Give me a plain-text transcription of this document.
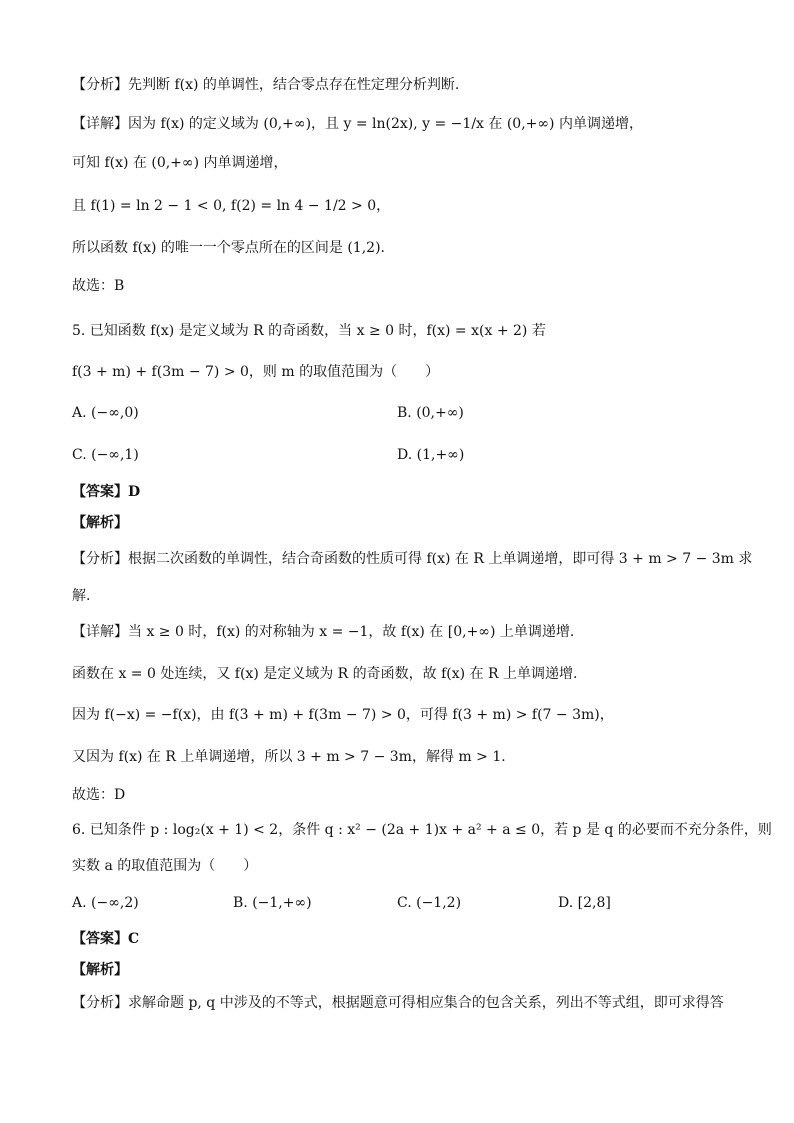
【分析】先判断 f(x) 的单调性，结合零点存在性定理分析判断.
【详解】因为 f(x) 的定义域为 (0,+∞)，且 y = ln(2x), y = −1/x 在 (0,+∞) 内单调递增，
可知 f(x) 在 (0,+∞) 内单调递增，
且 f(1) = ln 2 − 1 < 0, f(2) = ln 4 − 1/2 > 0，
所以函数 f(x) 的唯一一个零点所在的区间是 (1,2).
故选：B
5. 已知函数 f(x) 是定义域为 R 的奇函数，当 x ≥ 0 时，f(x) = x(x + 2) 若
f(3 + m) + f(3m − 7) > 0，则 m 的取值范围为（　　）
A. (−∞,0)	B. (0,+∞)
C. (−∞,1)	D. (1,+∞)
【答案】D
【解析】
【分析】根据二次函数的单调性，结合奇函数的性质可得 f(x) 在 R 上单调递增，即可得 3 + m > 7 − 3m 求
解.
【详解】当 x ≥ 0 时，f(x) 的对称轴为 x = −1，故 f(x) 在 [0,+∞) 上单调递增.
函数在 x = 0 处连续，又 f(x) 是定义域为 R 的奇函数，故 f(x) 在 R 上单调递增.
因为 f(−x) = −f(x)，由 f(3 + m) + f(3m − 7) > 0，可得 f(3 + m) > f(7 − 3m)，
又因为 f(x) 在 R 上单调递增，所以 3 + m > 7 − 3m，解得 m > 1.
故选：D
6. 已知条件 p : log₂(x + 1) < 2，条件 q : x² − (2a + 1)x + a² + a ≤ 0，若 p 是 q 的必要而不充分条件，则
实数 a 的取值范围为（　　）
A. (−∞,2)	B. (−1,+∞)	C. (−1,2)	D. [2,8]
【答案】C
【解析】
【分析】求解命题 p, q 中涉及的不等式，根据题意可得相应集合的包含关系，列出不等式组，即可求得答
